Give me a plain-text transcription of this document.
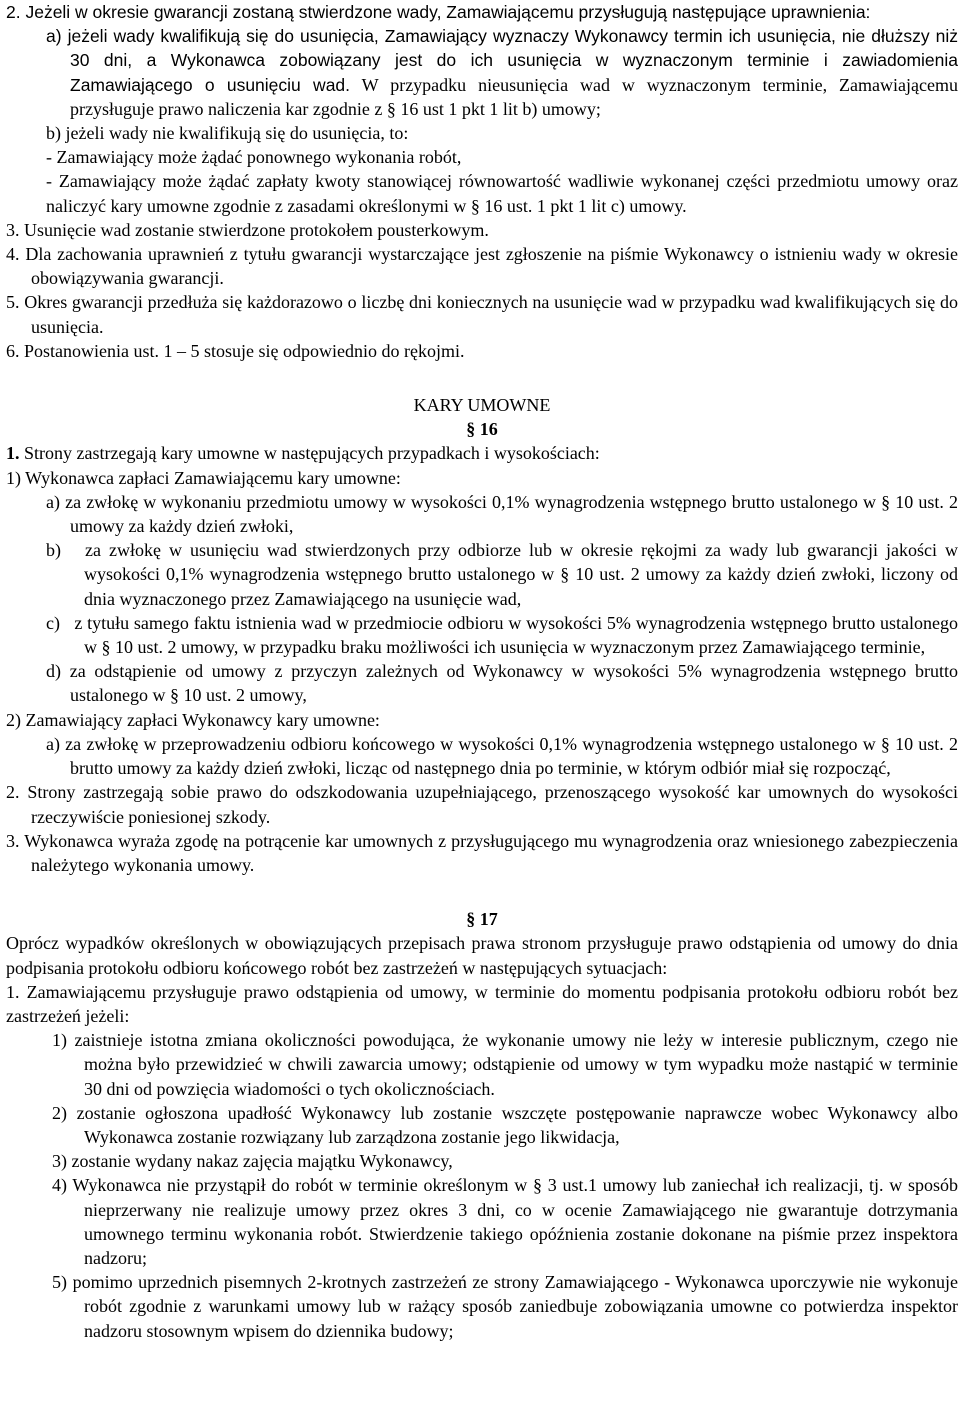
2. Jeżeli w okresie gwarancji zostaną stwierdzone wady, Zamawiającemu przysługują następujące uprawnienia:

a) jeżeli wady kwalifikują się do usunięcia, Zamawiający wyznaczy Wykonawcy termin ich usunięcia, nie dłuższy niż 30 dni, a Wykonawca zobowiązany jest do ich usunięcia w wyznaczonym terminie i zawiadomienia Zamawiającego o usunięciu wad. W przypadku nieusunięcia wad w wyznaczonym terminie, Zamawiającemu przysługuje prawo naliczenia kar zgodnie z § 16 ust 1 pkt 1 lit b) umowy;

b) jeżeli wady nie kwalifikują się do usunięcia, to:

- Zamawiający może żądać ponownego wykonania robót,

- Zamawiający może żądać zapłaty kwoty stanowiącej równowartość wadliwie wykonanej części przedmiotu umowy oraz naliczyć kary umowne zgodnie z zasadami określonymi w § 16 ust. 1 pkt 1 lit c) umowy.

3. Usunięcie wad zostanie stwierdzone protokołem pousterkowym.

4. Dla zachowania uprawnień z tytułu gwarancji wystarczające jest zgłoszenie na piśmie Wykonawcy o istnieniu wady w okresie obowiązywania gwarancji.

5. Okres gwarancji przedłuża się każdorazowo o liczbę dni koniecznych na usunięcie wad w przypadku wad kwalifikujących się do usunięcia.

6. Postanowienia ust. 1 – 5 stosuje się odpowiednio do rękojmi.

KARY UMOWNE

§ 16

1. Strony zastrzegają kary umowne w następujących przypadkach i wysokościach:

1) Wykonawca zapłaci Zamawiającemu kary umowne:

a) za zwłokę w wykonaniu przedmiotu umowy w wysokości 0,1% wynagrodzenia wstępnego brutto ustalonego w § 10 ust. 2 umowy za każdy dzień zwłoki,

b)   za zwłokę w usunięciu wad stwierdzonych przy odbiorze lub w okresie rękojmi za wady lub gwarancji jakości w wysokości 0,1% wynagrodzenia wstępnego brutto ustalonego w § 10 ust. 2 umowy za każdy dzień zwłoki, liczony od dnia wyznaczonego przez Zamawiającego na usunięcie wad,

c)   z tytułu samego faktu istnienia wad w przedmiocie odbioru w wysokości 5% wynagrodzenia wstępnego brutto ustalonego w § 10 ust. 2 umowy, w przypadku braku możliwości ich usunięcia w wyznaczonym przez Zamawiającego terminie,

d) za odstąpienie od umowy z przyczyn zależnych od Wykonawcy w wysokości 5% wynagrodzenia wstępnego brutto ustalonego w § 10 ust. 2 umowy,

2) Zamawiający zapłaci Wykonawcy kary umowne:

a) za zwłokę w przeprowadzeniu odbioru końcowego w wysokości 0,1% wynagrodzenia wstępnego ustalonego w § 10 ust. 2 brutto umowy za każdy dzień zwłoki, licząc od następnego dnia po terminie, w którym odbiór miał się rozpocząć,

2. Strony zastrzegają sobie prawo do odszkodowania uzupełniającego, przenoszącego wysokość kar umownych do wysokości rzeczywiście poniesionej szkody.

3. Wykonawca wyraża zgodę na potrącenie kar umownych z przysługującego mu wynagrodzenia oraz wniesionego zabezpieczenia należytego wykonania umowy.

§ 17

Oprócz wypadków określonych w obowiązujących przepisach prawa stronom przysługuje prawo odstąpienia od umowy do dnia podpisania protokołu odbioru końcowego robót bez zastrzeżeń w następujących sytuacjach:

1. Zamawiającemu przysługuje prawo odstąpienia od umowy, w terminie do momentu podpisania protokołu odbioru robót bez zastrzeżeń jeżeli:

1) zaistnieje istotna zmiana okoliczności powodująca, że wykonanie umowy nie leży w interesie publicznym, czego nie można było przewidzieć w chwili zawarcia umowy; odstąpienie od umowy w tym wypadku może nastąpić w terminie 30 dni od powzięcia wiadomości o tych okolicznościach.

2) zostanie ogłoszona upadłość Wykonawcy lub zostanie wszczęte postępowanie naprawcze wobec Wykonawcy albo Wykonawca zostanie rozwiązany lub zarządzona zostanie jego likwidacja,

3) zostanie wydany nakaz zajęcia majątku Wykonawcy,

4) Wykonawca nie przystąpił do robót w terminie określonym w § 3 ust.1 umowy lub zaniechał ich realizacji, tj. w sposób nieprzerwany nie realizuje umowy przez okres 3 dni, co w ocenie Zamawiającego nie gwarantuje dotrzymania umownego terminu wykonania robót. Stwierdzenie takiego opóźnienia zostanie dokonane na piśmie przez inspektora nadzoru;

5) pomimo uprzednich pisemnych 2-krotnych zastrzeżeń ze strony Zamawiającego - Wykonawca uporczywie nie wykonuje robót zgodnie z warunkami umowy lub w rażący sposób zaniedbuje zobowiązania umowne co potwierdza inspektor nadzoru stosownym wpisem do dziennika budowy;
